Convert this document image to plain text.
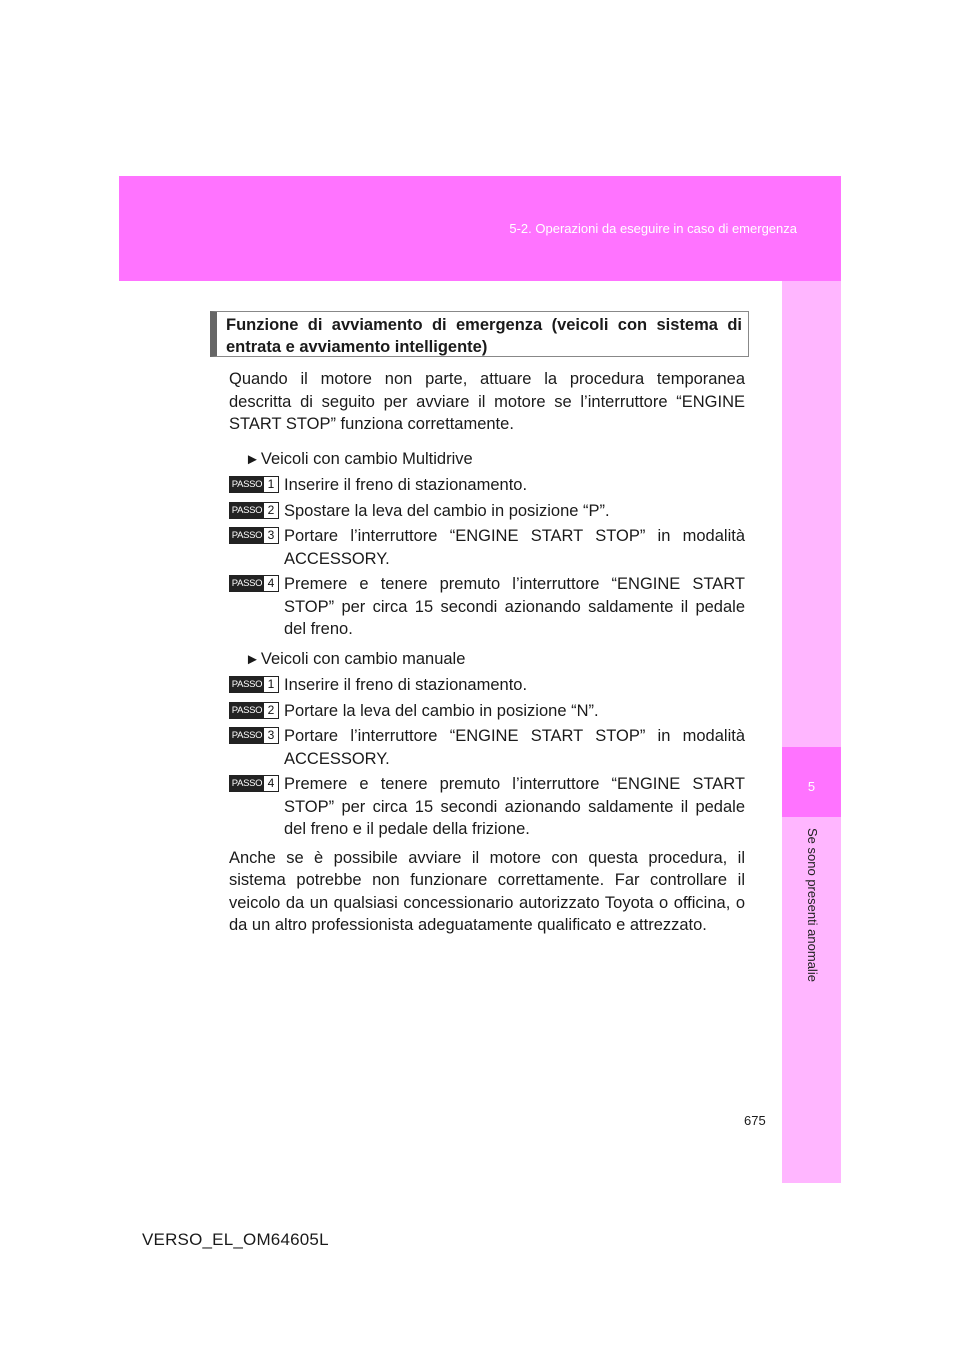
5-2. Operazioni da eseguire in caso di emergenza
5
Se sono presenti anomalie
Funzione di avviamento di emergenza (veicoli con sistema di entrata e avviamento intelligente)

Quando il motore non parte, attuare la procedura temporanea descritta di seguito per avviare il motore se l’interruttore “ENGINE START STOP” funziona correttamente.

►Veicoli con cambio Multidrive
PASSO 1 Inserire il freno di stazionamento.
PASSO 2 Spostare la leva del cambio in posizione “P”.
PASSO 3 Portare l’interruttore “ENGINE START STOP” in modalità ACCESSORY.
PASSO 4 Premere e tenere premuto l’interruttore “ENGINE START STOP” per circa 15 secondi azionando saldamente il pedale del freno.
►Veicoli con cambio manuale
PASSO 1 Inserire il freno di stazionamento.
PASSO 2 Portare la leva del cambio in posizione “N”.
PASSO 3 Portare l’interruttore “ENGINE START STOP” in modalità ACCESSORY.
PASSO 4 Premere e tenere premuto l’interruttore “ENGINE START STOP” per circa 15 secondi azionando saldamente il pedale del freno e il pedale della frizione.

Anche se è possibile avviare il motore con questa procedura, il sistema potrebbe non funzionare correttamente. Far controllare il veicolo da un qualsiasi concessionario autorizzato Toyota o officina, o da un altro professionista adeguatamente qualificato e attrezzato.

675
VERSO_EL_OM64605L
